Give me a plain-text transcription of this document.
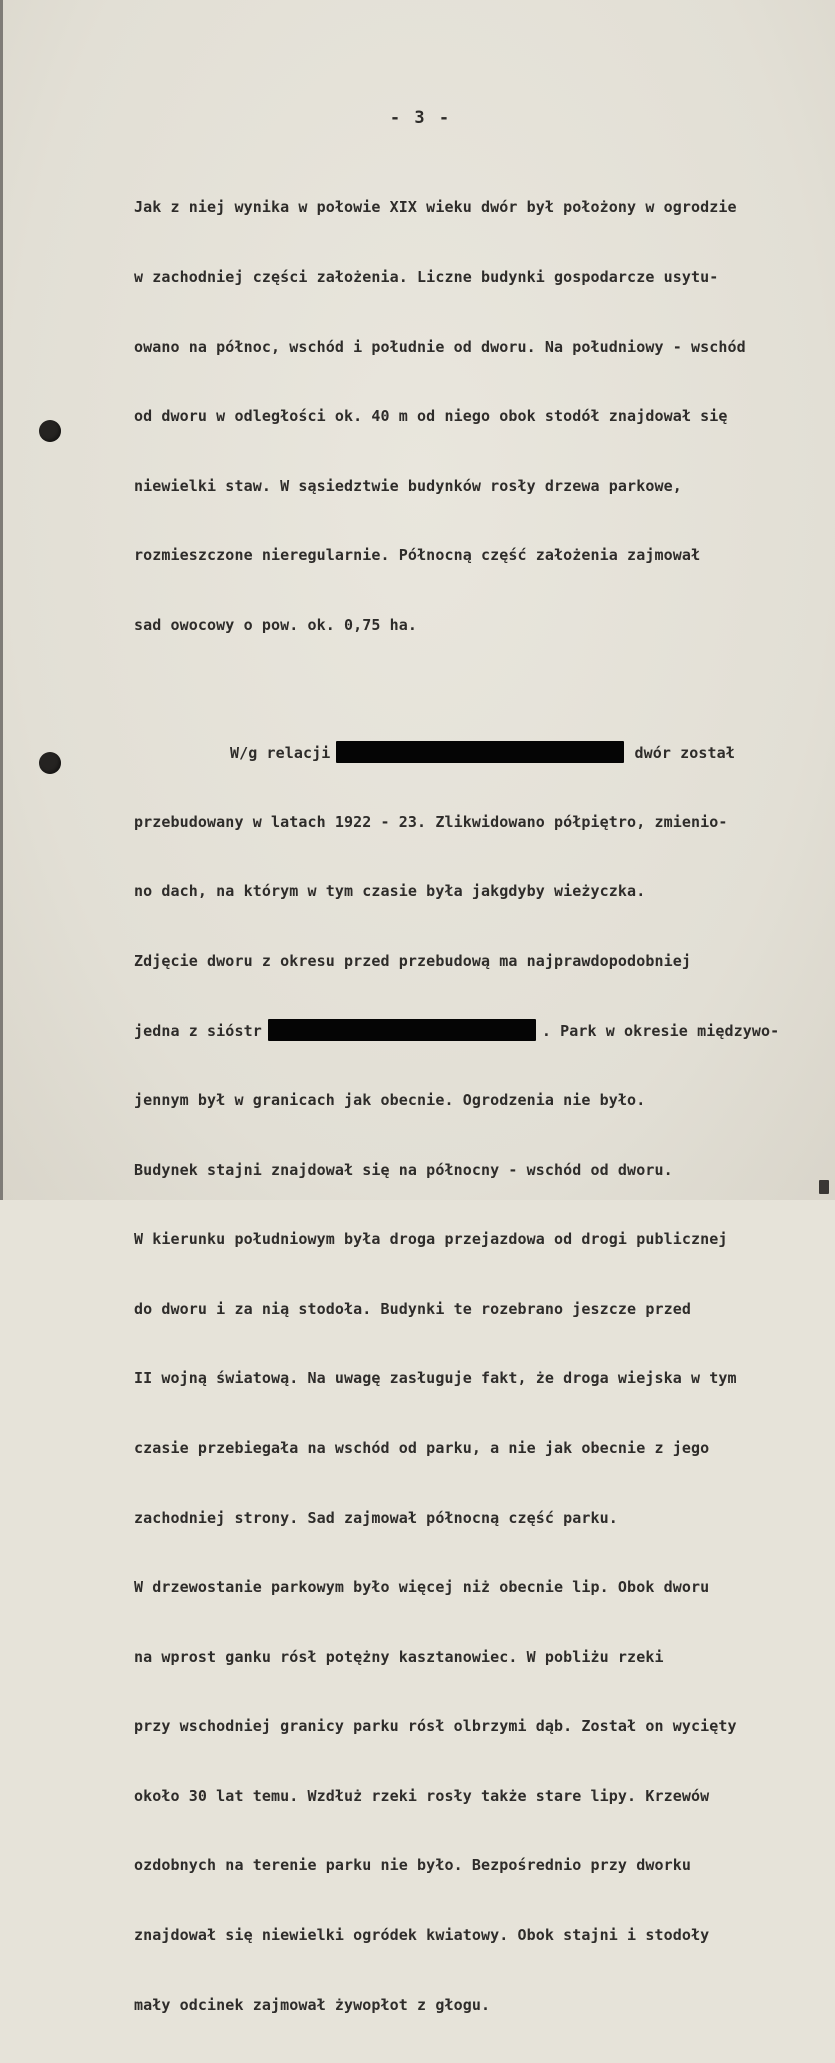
- 3 -

Jak z niej wynika w połowie XIX wieku dwór był położony w ogrodzie

w zachodniej części założenia. Liczne budynki gospodarcze usytu-

owano na północ, wschód i południe od dworu. Na południowy - wschód

od dworu w odległości ok. 40 m od niego obok stodół znajdował się

niewielki staw. W sąsiedztwie budynków rosły drzewa parkowe,

rozmieszczone nieregularnie. Północną część założenia zajmował

sad owocowy o pow. ok. 0,75 ha.

W/g relacji	dwór został

przebudowany w latach 1922 - 23. Zlikwidowano półpiętro, zmienio-

no dach, na którym w tym czasie była jakgdyby wieżyczka.

Zdjęcie dworu z okresu przed przebudową ma najprawdopodobniej

jedna z sióstr	. Park w okresie międzywo-

jennym był w granicach jak obecnie. Ogrodzenia nie było.

Budynek stajni znajdował się na północny - wschód od dworu.

W kierunku południowym była droga przejazdowa od drogi publicznej

do dworu i za nią stodoła. Budynki te rozebrano jeszcze przed

II wojną światową. Na uwagę zasługuje fakt, że droga wiejska w tym

czasie przebiegała na wschód od parku, a nie jak obecnie z jego

zachodniej strony. Sad zajmował północną część parku.

W drzewostanie parkowym było więcej niż obecnie lip. Obok dworu

na wprost ganku rósł potężny kasztanowiec. W pobliżu rzeki

przy wschodniej granicy parku rósł olbrzymi dąb. Został on wycięty

około 30 lat temu. Wzdłuż rzeki rosły także stare lipy. Krzewów

ozdobnych na terenie parku nie było. Bezpośrednio przy dworku

znajdował się niewielki ogródek kwiatowy. Obok stajni i stodoły

mały odcinek zajmował żywopłot z głogu.
